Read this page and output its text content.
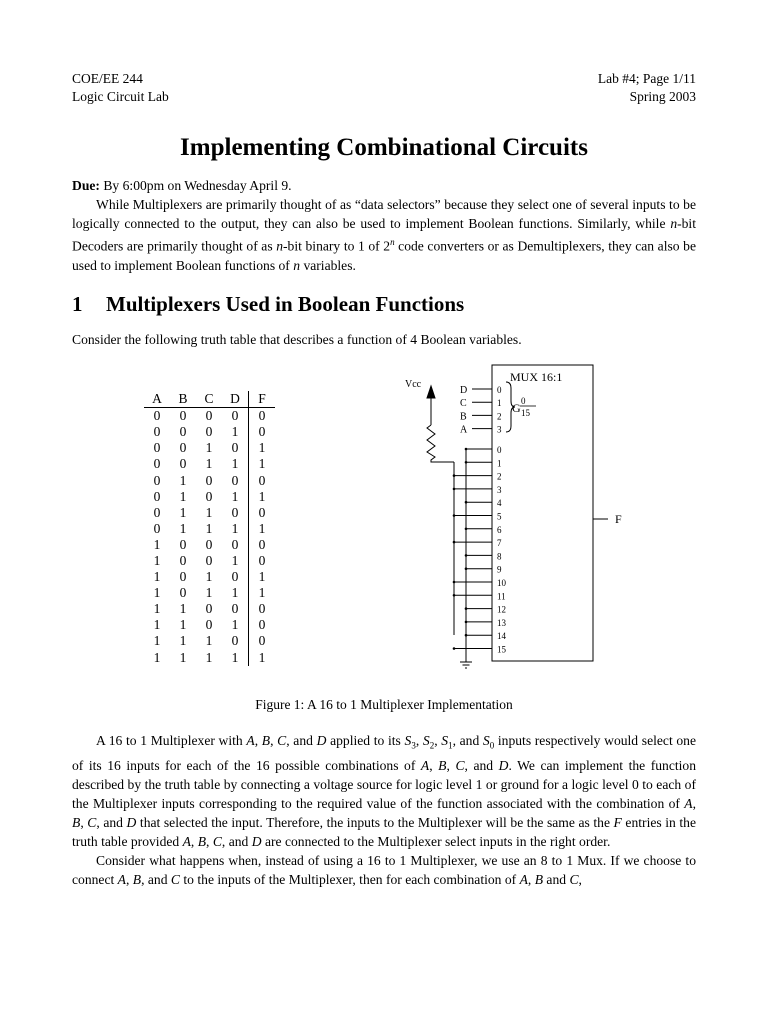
COE/EE 244
Logic Circuit Lab
Lab #4; Page 1/11
Spring 2003
Implementing Combinational Circuits

Due: By 6:00pm on Wednesday April 9.

While Multiplexers are primarily thought of as “data selectors” because they select one of several inputs to be logically connected to the output, they can also be used to implement Boolean functions. Similarly, while n-bit Decoders are primarily thought of as n-bit binary to 1 of 2$^n$ code converters or as Demultiplexers, they can also be used to implement Boolean functions of n variables.

1 Multiplexers Used in Boolean Functions
Consider the following truth table that describes a function of 4 Boolean variables.
A	B	C	D	F
0	0	0	0	0
0	0	0	1	0
0	0	1	0	1
0	0	1	1	1
0	1	0	0	0
0	1	0	1	1
0	1	1	0	0
0	1	1	1	1
1	0	0	0	0
1	0	0	1	0
1	0	1	0	1
1	0	1	1	1
1	1	0	0	0
1	1	0	1	0
1	1	1	0	0
1	1	1	1	1
D	0
C	1
B	2
A	3
0
1
2
3
4
5
6
7
8
9
10
11
12
13
14
15
Vcc
MUX 16:1
G 0
15
F
Figure 1: A 16 to 1 Multiplexer Implementation

A 16 to 1 Multiplexer with A, B, C, and D applied to its $S_3$, $S_2$, $S_1$, and $S_0$ inputs respectively would select one of its 16 inputs for each of the 16 possible combinations of A, B, C, and D. We can implement the function described by the truth table by connecting a voltage source for logic level 1 or ground for a logic level 0 to each of the Multiplexer inputs corresponding to the required value of the function associated with the combination of A, B, C, and D that selected the input. Therefore, the inputs to the Multiplexer will be the same as the F entries in the truth table provided A, B, C, and D are connected to the Multiplexer select inputs in the right order.

Consider what happens when, instead of using a 16 to 1 Multiplexer, we use an 8 to 1 Mux. If we choose to connect A, B, and C to the inputs of the Multiplexer, then for each combination of A, B and C,
